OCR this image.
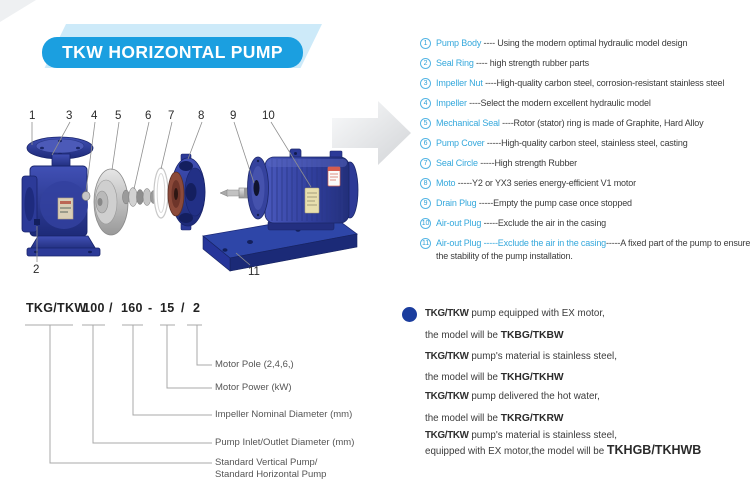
TKW HORIZONTAL PUMP
1	3 4 5 6 7 8 9 10
2	11
1 Pump Body ---- Using the modern optimal hydraulic model design
2 Seal Ring ---- high strength rubber parts
3 Impeller Nut ----High-quality carbon steel, corrosion-resistant stainless steel
4 Impeller ----Select the modern excellent hydraulic model
5 Mechanical Seal ----Rotor (stator) ring is made of Graphite, Hard Alloy
6 Pump Cover -----High-quality carbon steel, stainless steel, casting
7 Seal Circle -----High strength Rubber
8 Moto -----Y2 or YX3 series energy-efficient V1 motor
9 Drain Plug -----Empty the pump case once stopped
10 Air-out Plug -----Exclude the air in the casing
11 Air-out Plug -----Exclude the air in the casing-----A fixed part of the pump to ensure the stability of the pump installation.
TKG/TKW
100 / 160 - 15 / 2
Motor Pole (2,4,6,)
Motor Power (kW)
Impeller Nominal Diameter (mm)
Pump Inlet/Outlet Diameter (mm)
Standard Vertical Pump/
Standard Horizontal Pump
TKG/TKW pump equipped with EX motor,
the model will be TKBG/TKBW
TKG/TKW pump's material is stainless steel,
the model will be TKHG/TKHW
TKG/TKW pump delivered the hot water,
the model will be TKRG/TKRW
TKG/TKW pump's material is stainless steel,
equipped with EX motor,the model will be TKHGB/TKHWB
